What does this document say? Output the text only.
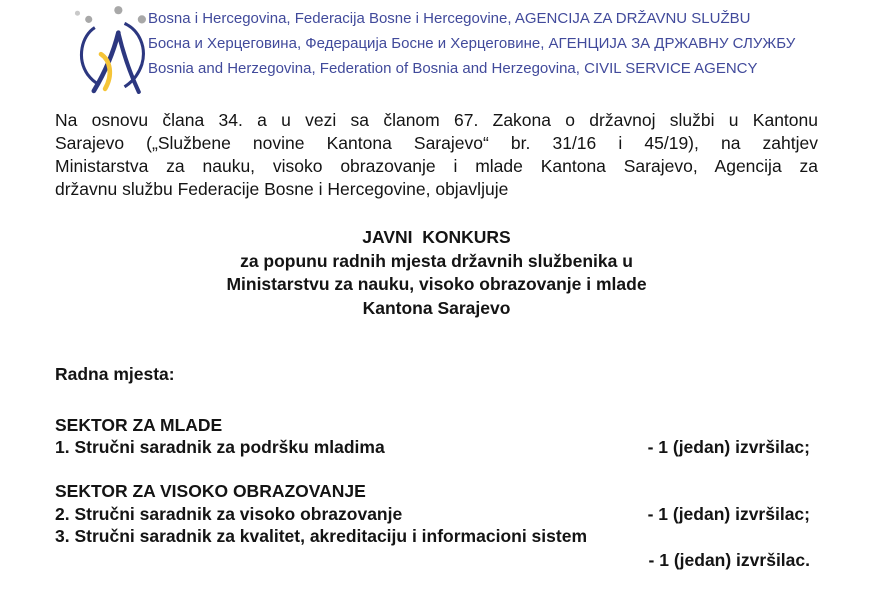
Bosna i Hercegovina, Federacija Bosne i Hercegovine, AGENCIJA ZA DRŽAVNU SLUŽBU
Босна и Херцеговина, Федерација Босне и Херцеговине, АГЕНЦИЈА ЗА ДРЖАВНУ СЛУЖБУ
Bosnia and Herzegovina, Federation of Bosnia and Herzegovina, CIVIL SERVICE AGENCY
Na osnovu člana 34. a u vezi sa članom 67. Zakona o državnoj službi u Kantonu
Sarajevo („Službene novine Kantona Sarajevo“ br. 31/16 i 45/19), na zahtjev
Ministarstva za nauku, visoko obrazovanje i mlade Kantona Sarajevo, Agencija za
državnu službu Federacije Bosne i Hercegovine, objavljuje
JAVNI  KONKURS
za popunu radnih mjesta državnih službenika u
Ministarstvu za nauku, visoko obrazovanje i mlade
Kantona Sarajevo
Radna mjesta:
SEKTOR ZA MLADE
1. Stručni saradnik za podršku mladima	- 1 (jedan) izvršilac;
SEKTOR ZA VISOKO OBRAZOVANJE
2. Stručni saradnik za visoko obrazovanje	- 1 (jedan) izvršilac;
3. Stručni saradnik za kvalitet, akreditaciju i informacioni sistem
- 1 (jedan) izvršilac.
